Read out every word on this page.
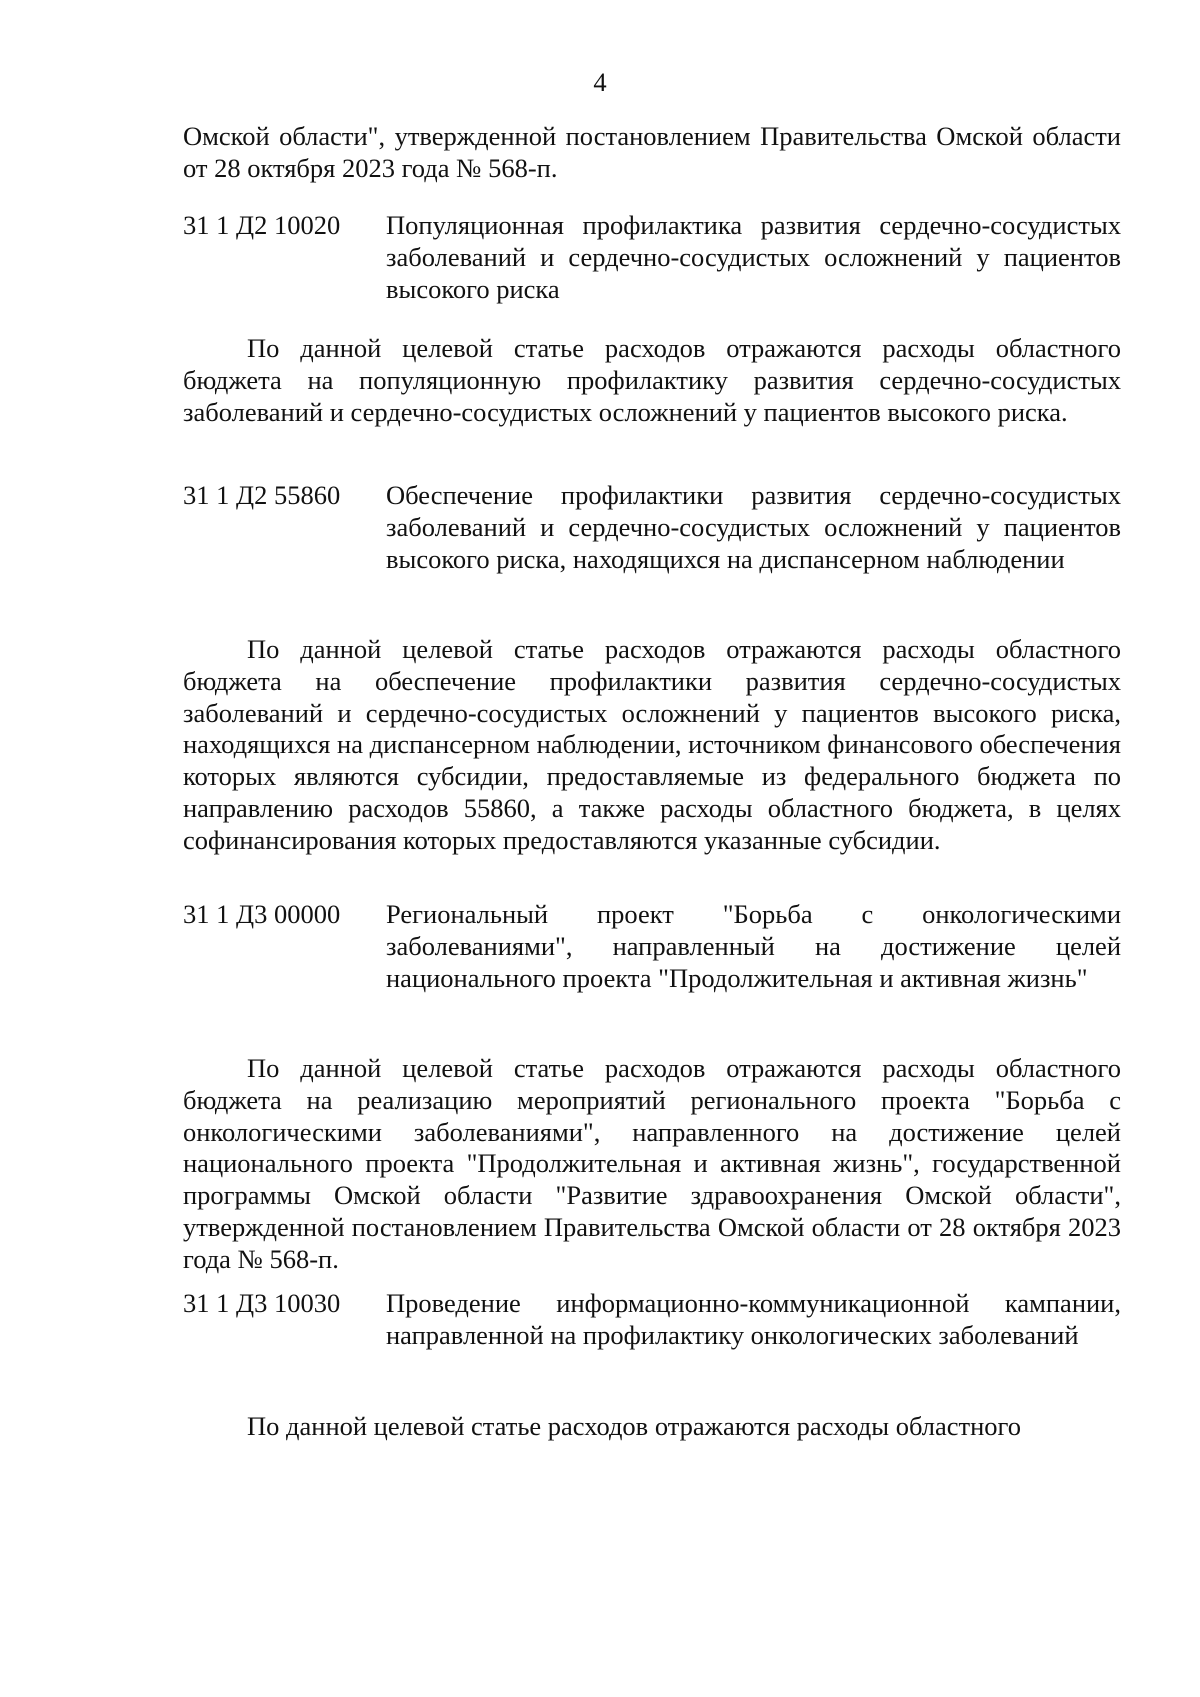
4
Омской области", утвержденной постановлением Правительства Омской области от 28 октября 2023 года № 568-п.
31 1 Д2 10020 Популяционная профилактика развития сердечно-сосудистых заболеваний и сердечно-сосудистых осложнений у пациентов высокого риска
По данной целевой статье расходов отражаются расходы областного бюджета на популяционную профилактику развития сердечно-сосудистых заболеваний и сердечно-сосудистых осложнений у пациентов высокого риска.
31 1 Д2 55860 Обеспечение профилактики развития сердечно-сосудистых заболеваний и сердечно-сосудистых осложнений у пациентов высокого риска, находящихся на диспансерном наблюдении
По данной целевой статье расходов отражаются расходы областного бюджета на обеспечение профилактики развития сердечно-сосудистых заболеваний и сердечно-сосудистых осложнений у пациентов высокого риска, находящихся на диспансерном наблюдении, источником финансового обеспечения которых являются субсидии, предоставляемые из федерального бюджета по направлению расходов 55860, а также расходы областного бюджета, в целях софинансирования которых предоставляются указанные субсидии.
31 1 Д3 00000 Региональный проект "Борьба с онкологическими заболеваниями", направленный на достижение целей национального проекта "Продолжительная и активная жизнь"
По данной целевой статье расходов отражаются расходы областного бюджета на реализацию мероприятий регионального проекта "Борьба с онкологическими заболеваниями", направленного на достижение целей национального проекта "Продолжительная и активная жизнь", государственной программы Омской области "Развитие здравоохранения Омской области", утвержденной постановлением Правительства Омской области от 28 октября 2023 года № 568-п.
31 1 Д3 10030 Проведение информационно-коммуникационной кампании, направленной на профилактику онкологических заболеваний
По данной целевой статье расходов отражаются расходы областного
